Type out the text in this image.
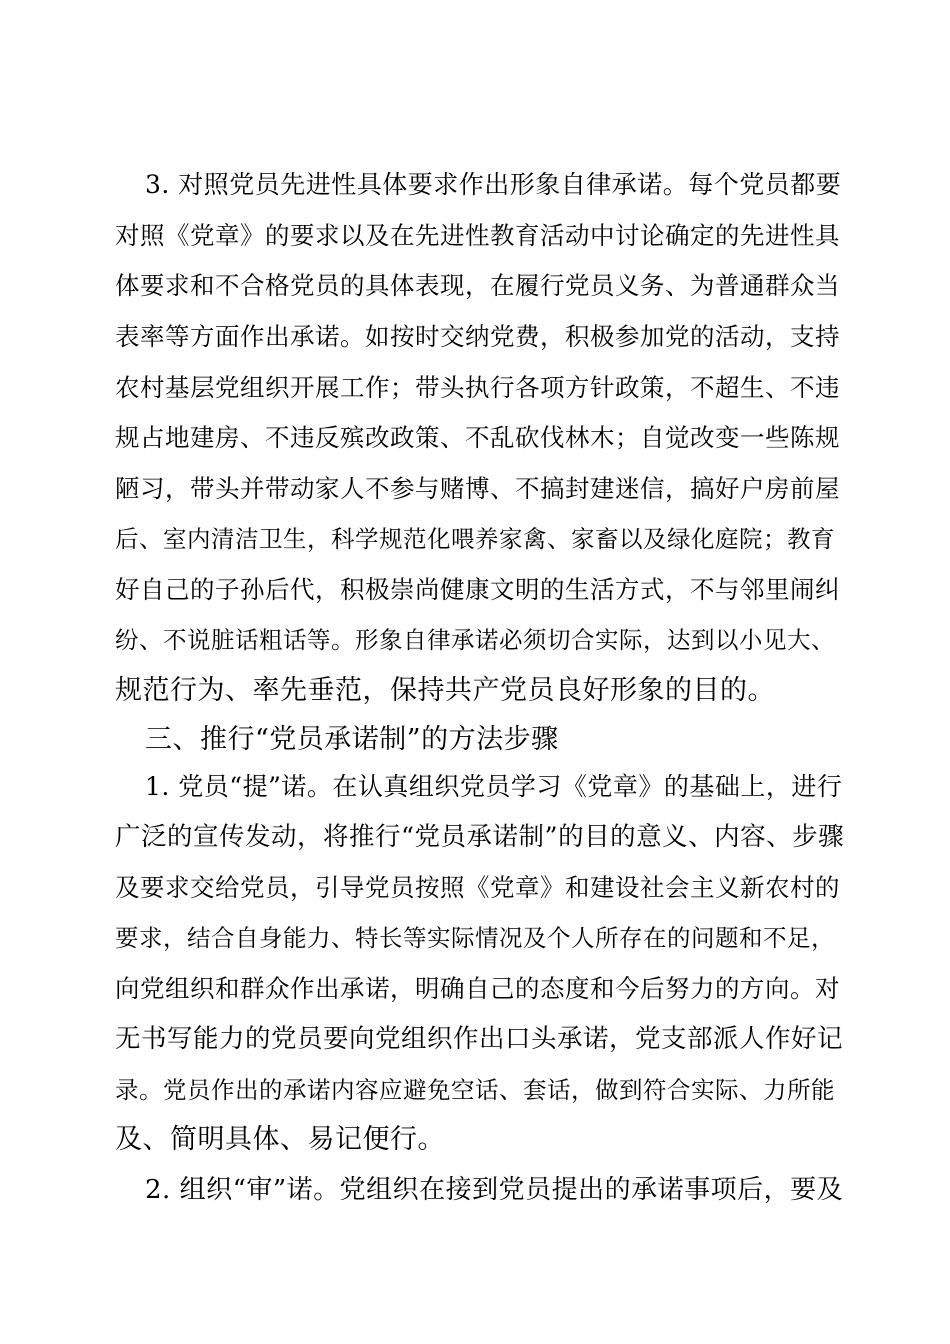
3. 对照党员先进性具体要求作出形象自律承诺。每个党员都要
对照《党章》的要求以及在先进性教育活动中讨论确定的先进性具
体要求和不合格党员的具体表现，在履行党员义务、为普通群众当
表率等方面作出承诺。如按时交纳党费，积极参加党的活动，支持
农村基层党组织开展工作；带头执行各项方针政策，不超生、不违
规占地建房、不违反殡改政策、不乱砍伐林木；自觉改变一些陈规
陋习，带头并带动家人不参与赌博、不搞封建迷信，搞好户房前屋
后、室内清洁卫生，科学规范化喂养家禽、家畜以及绿化庭院；教育
好自己的子孙后代，积极崇尚健康文明的生活方式，不与邻里闹纠
纷、不说脏话粗话等。形象自律承诺必须切合实际，达到以小见大、
规范行为、率先垂范，保持共产党员良好形象的目的。
三、推行“党员承诺制”的方法步骤
1. 党员“提”诺。在认真组织党员学习《党章》的基础上，进行
广泛的宣传发动，将推行“党员承诺制”的目的意义、内容、步骤
及要求交给党员，引导党员按照《党章》和建设社会主义新农村的
要求，结合自身能力、特长等实际情况及个人所存在的问题和不足，
向党组织和群众作出承诺，明确自己的态度和今后努力的方向。对
无书写能力的党员要向党组织作出口头承诺，党支部派人作好记
录。党员作出的承诺内容应避免空话、套话，做到符合实际、力所能
及、简明具体、易记便行。
2. 组织“审”诺。党组织在接到党员提出的承诺事项后，要及
